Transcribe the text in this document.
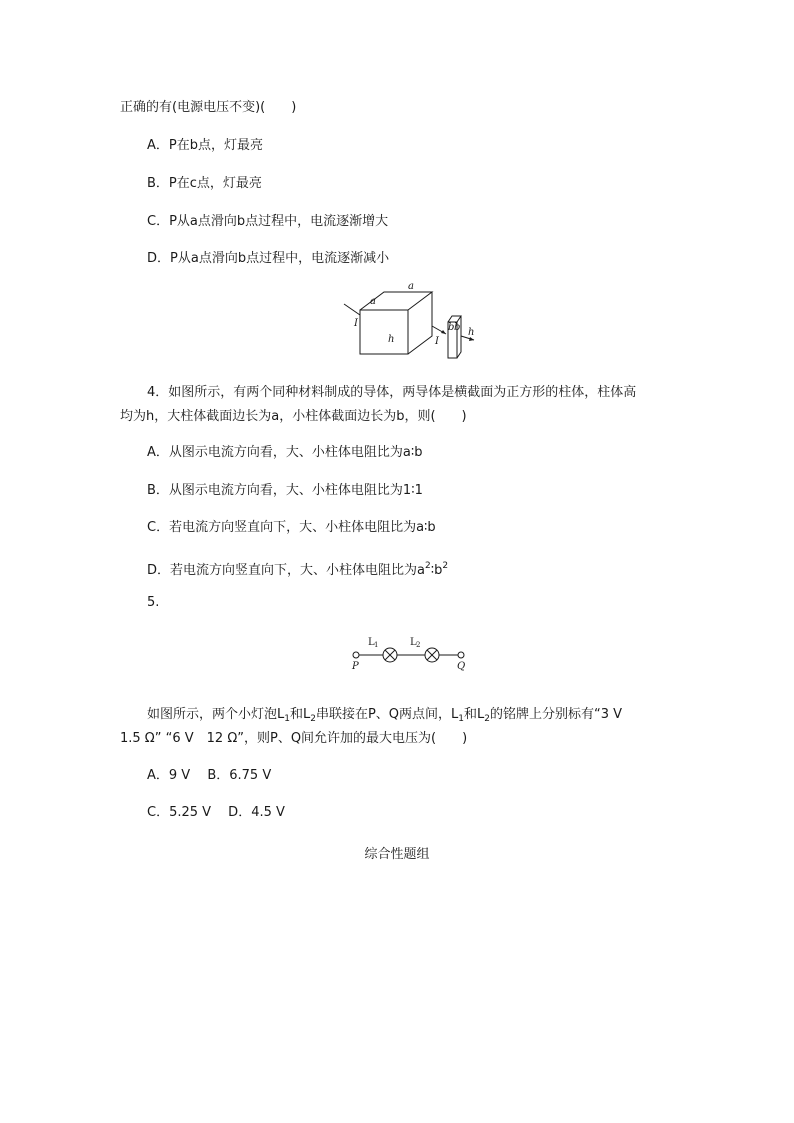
正确的有(电源电压不变)(　　)
A．P在b点，灯最亮
B．P在c点，灯最亮
C．P从a点滑向b点过程中，电流逐渐增大
D．P从a点滑向b点过程中，电流逐渐减小
a
a
h
I
I
b b h
4．如图所示，有两个同种材料制成的导体，两导体是横截面为正方形的柱体，柱体高
均为h，大柱体截面边长为a，小柱体截面边长为b，则(　　)
A．从图示电流方向看，大、小柱体电阻比为a∶b
B．从图示电流方向看，大、小柱体电阻比为1∶1
C．若电流方向竖直向下，大、小柱体电阻比为a∶b
D．若电流方向竖直向下，大、小柱体电阻比为$a^2∶b^2$
5.
L 1	L 2
P	Q
如图所示，两个小灯泡$L_1$和$L_2$串联接在P、Q两点间，$L_1$和$L_2$的铭牌上分别标有“3 V
1.5 Ω” “6 V　12 Ω”，则P、Q间允许加的最大电压为(　　)
A．9 V　 B．6.75 V
C．5.25 V　 D．4.5 V
综合性题组
